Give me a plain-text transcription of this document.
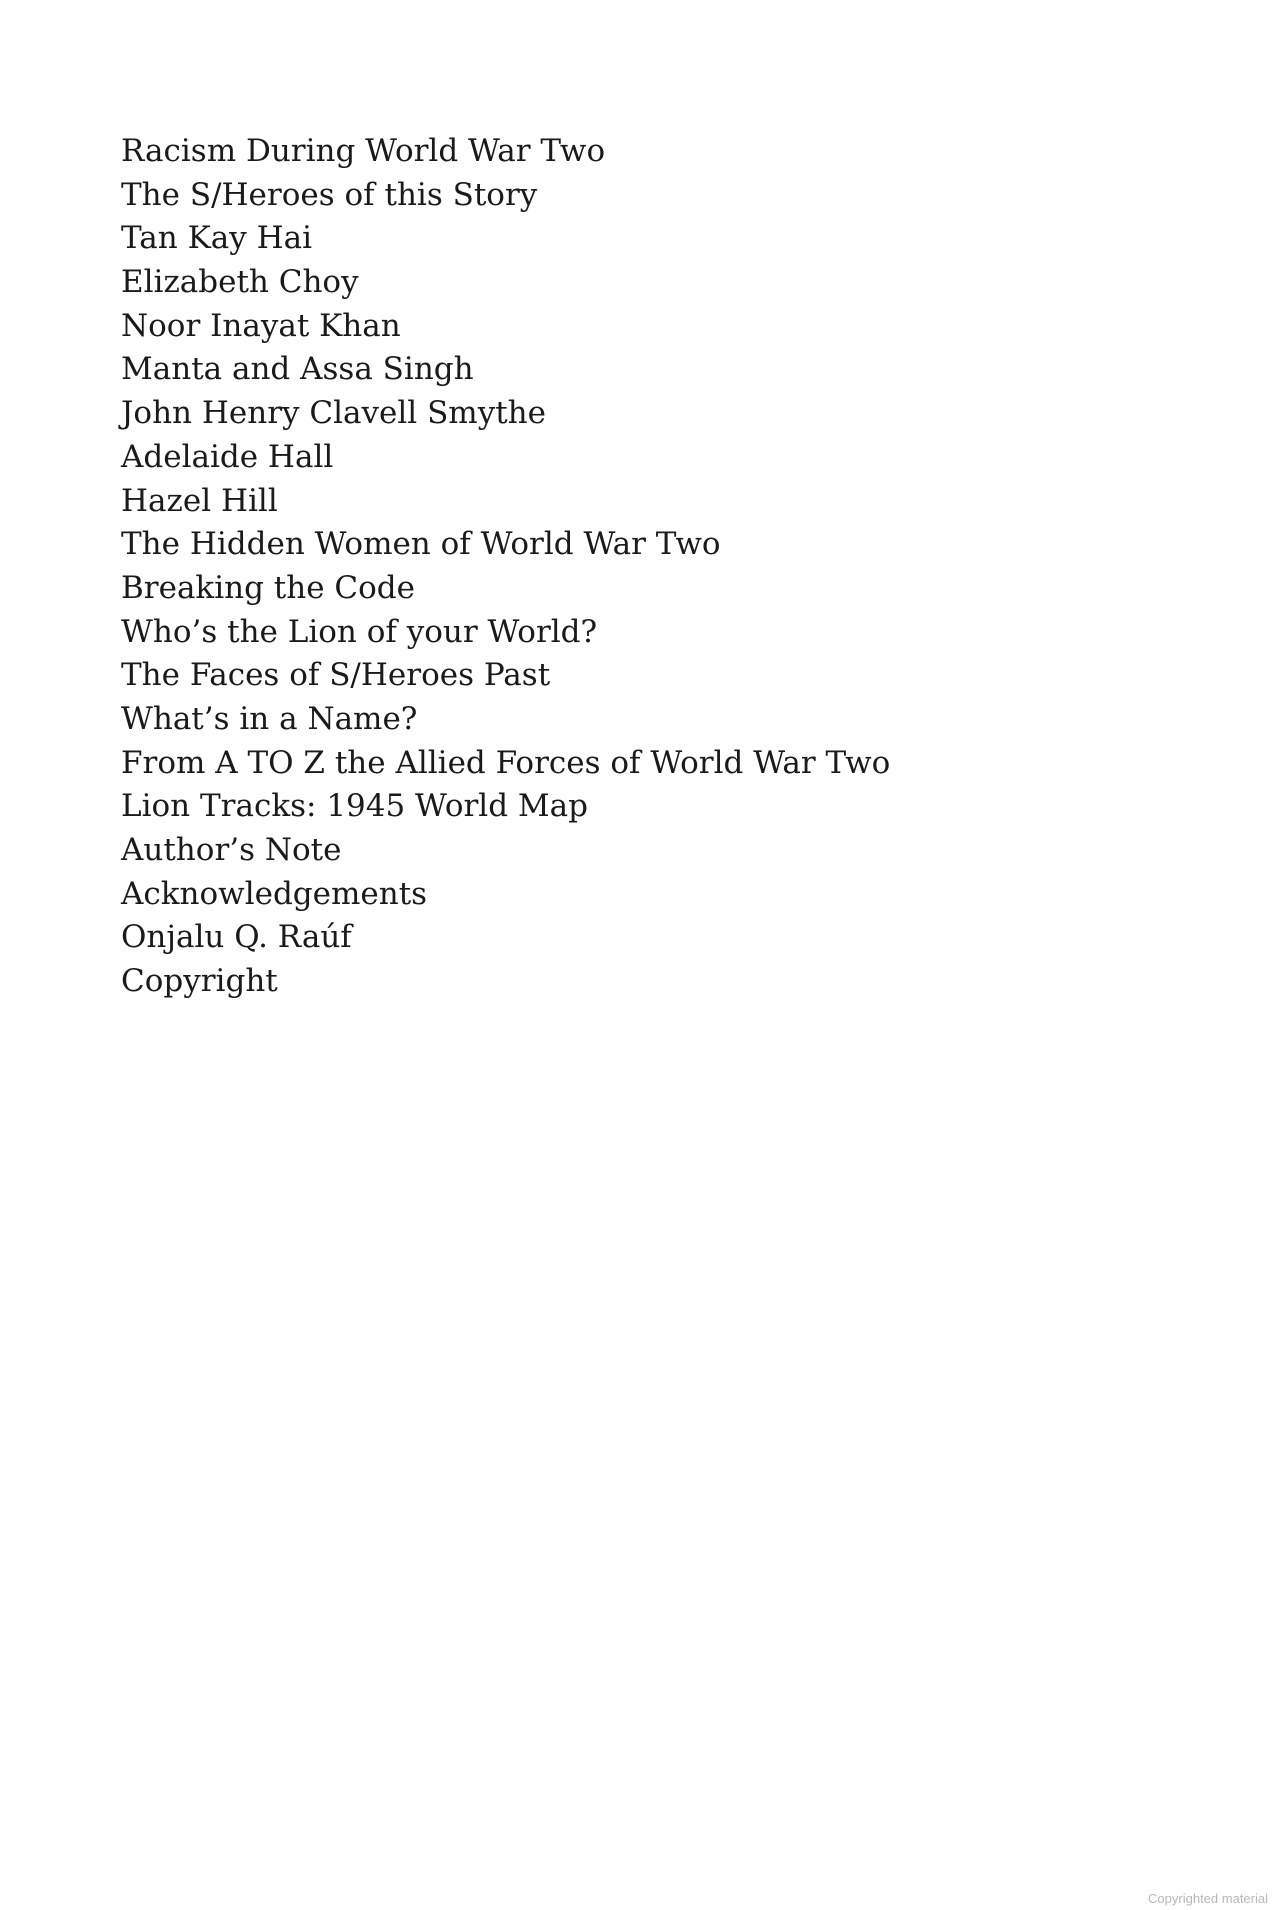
Racism During World War Two
The S/Heroes of this Story
Tan Kay Hai
Elizabeth Choy
Noor Inayat Khan
Manta and Assa Singh
John Henry Clavell Smythe
Adelaide Hall
Hazel Hill
The Hidden Women of World War Two
Breaking the Code
Who’s the Lion of your World?
The Faces of S/Heroes Past
What’s in a Name?
From A TO Z the Allied Forces of World War Two
Lion Tracks: 1945 World Map
Author’s Note
Acknowledgements
Onjalu Q. Raúf
Copyright
Copyrighted material
